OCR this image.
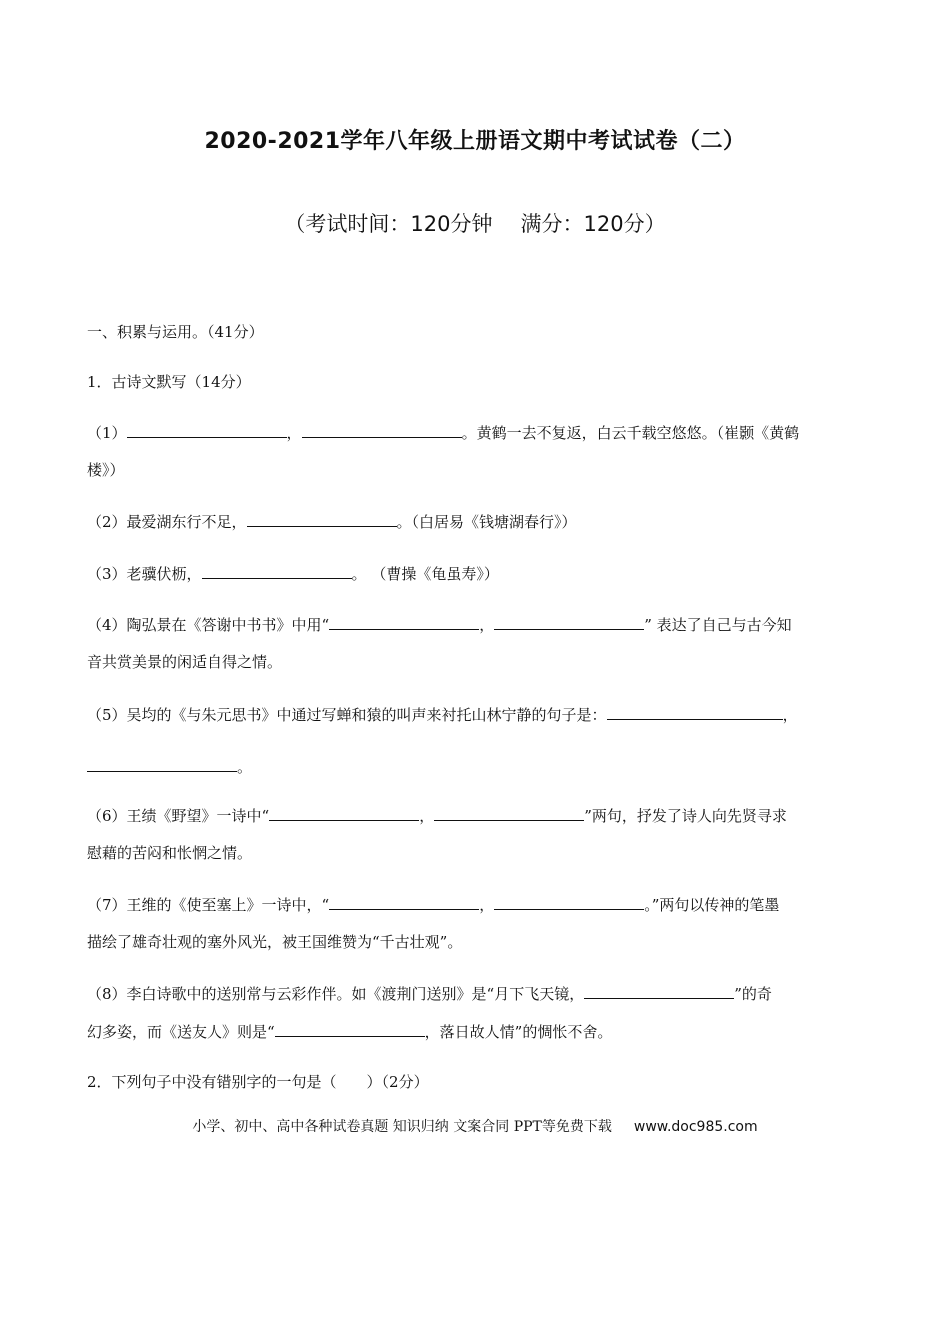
2020-2021学年八年级上册语文期中考试试卷（二）
（考试时间：120分钟 满分：120分）
一、积累与运用。（41分）
1．古诗文默写（14分）
（1）	，	。黄鹤一去不复返，白云千载空悠悠。（崔颢《黄鹤
楼》）
（2）最爱湖东行不足，	。（白居易《钱塘湖春行》）
（3）老骥伏枥，	。 （曹操《龟虽寿》）
（4）陶弘景在《答谢中书书》中用“	，	” 表达了自己与古今知
音共赏美景的闲适自得之情。
（5）吴均的《与朱元思书》中通过写蝉和猿的叫声来衬托山林宁静的句子是：	，
。
（6）王绩《野望》一诗中“	，	”两句，抒发了诗人向先贤寻求
慰藉的苦闷和怅惘之情。
（7）王维的《使至塞上》一诗中，“	，	。”两句以传神的笔墨
描绘了雄奇壮观的塞外风光，被王国维赞为“千古壮观”。
（8）李白诗歌中的送别常与云彩作伴。如《渡荆门送别》是“月下飞天镜，	”的奇
幻多姿，而《送友人》则是“	，落日故人情”的惆怅不舍。
2．下列句子中没有错别字的一句是（　　）（2分）
小学、初中、高中各种试卷真题 知识归纳 文案合同 PPT等免费下载 www.doc985.com
